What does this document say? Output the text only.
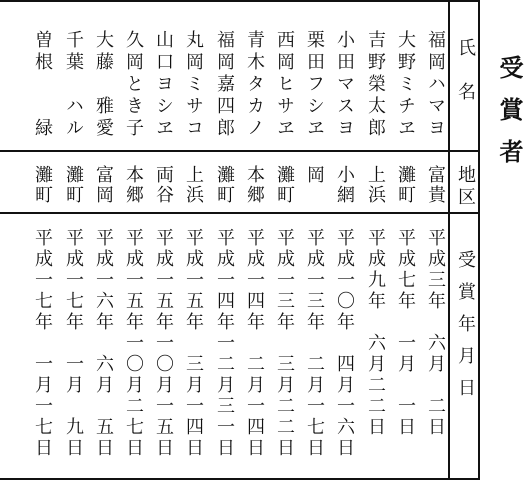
受賞者
氏名
地区
受賞年月日
福岡ハマヨ
富貴
平成三年　六月　二日
大野ミチヱ
灘町
平成七年　一月　一日
吉野榮太郎
上浜
平成九年　六月二二日
小田マスヨ
小網
平成一〇年　四月一六日
栗田フシヱ
岡
平成一三年　二月一七日
西岡ヒサヱ
灘町
平成一三年　三月二二日
青木タカノ
本郷
平成一四年　二月一四日
福岡嘉四郎
灘町
平成一四年一二月三一日
丸岡ミサコ
上浜
平成一五年　三月一四日
山口ヨシヱ
両谷
平成一五年一〇月一五日
久岡とき子
本郷
平成一五年一〇月二七日
大藤　雅愛
富岡
平成一六年　六月　五日
千葉　ハル
灘町
平成一七年　一月　九日
曽根　　緑
灘町
平成一七年　一月一七日
